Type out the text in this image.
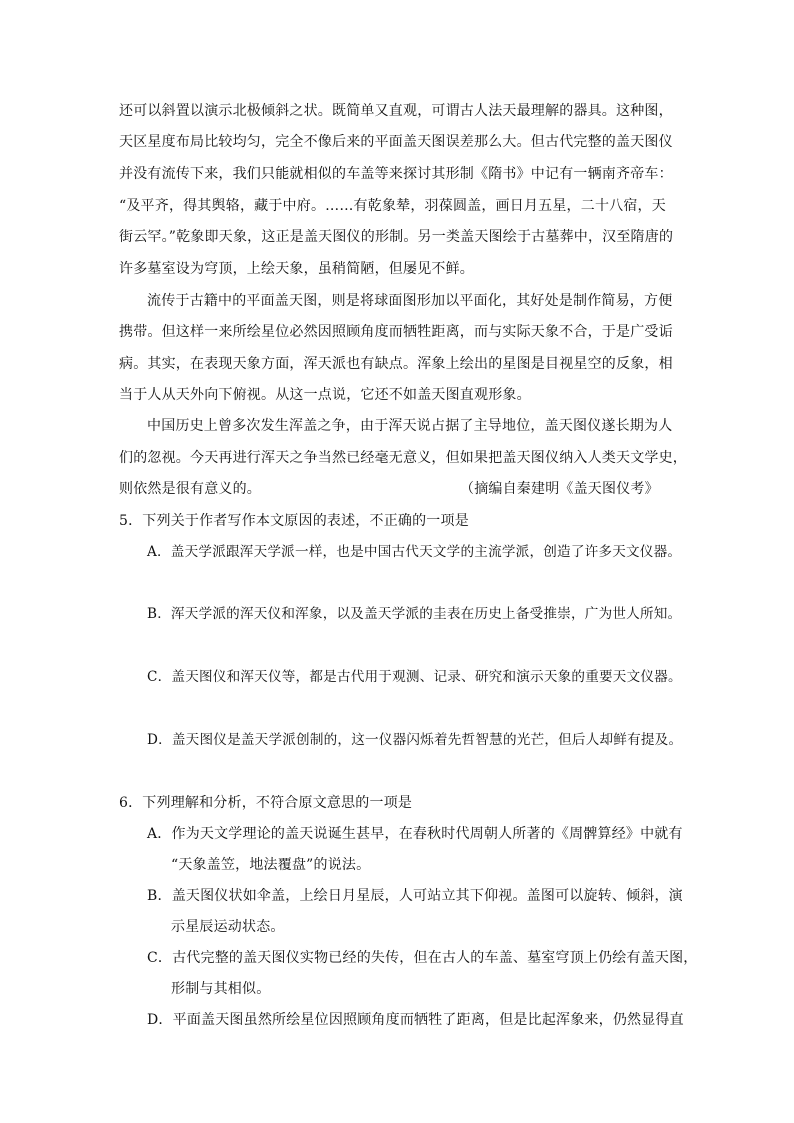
还可以斜置以演示北极倾斜之状。既简单又直观，可谓古人法天最理解的器具。这种图，
天区星度布局比较均匀，完全不像后来的平面盖天图误差那么大。但古代完整的盖天图仪
并没有流传下来，我们只能就相似的车盖等来探讨其形制《隋书》中记有一辆南齐帝车：
“及平齐，得其舆辂，藏于中府。……有乾象辇，羽葆圆盖，画日月五星，二十八宿，天
街云罕。”乾象即天象，这正是盖天图仪的形制。另一类盖天图绘于古墓葬中，汉至隋唐的
许多墓室设为穹顶，上绘天象，虽稍简陋，但屡见不鲜。
流传于古籍中的平面盖天图，则是将球面图形加以平面化，其好处是制作简易，方便
携带。但这样一来所绘星位必然因照顾角度而牺牲距离，而与实际天象不合，于是广受诟
病。其实，在表现天象方面，浑天派也有缺点。浑象上绘出的星图是目视星空的反象，相
当于人从天外向下俯视。从这一点说，它还不如盖天图直观形象。
中国历史上曾多次发生浑盖之争，由于浑天说占据了主导地位，盖天图仪遂长期为人
们的忽视。今天再进行浑天之争当然已经毫无意义，但如果把盖天图仪纳入人类天文学史，
则依然是很有意义的。	（摘编自秦建明《盖天图仪考》
5．下列关于作者写作本文原因的表述，不正确的一项是
A．盖天学派跟浑天学派一样，也是中国古代天文学的主流学派，创造了许多天文仪器。
B．浑天学派的浑天仪和浑象，以及盖天学派的圭表在历史上备受推崇，广为世人所知。
C．盖天图仪和浑天仪等，都是古代用于观测、记录、研究和演示天象的重要天文仪器。
D．盖天图仪是盖天学派创制的，这一仪器闪烁着先哲智慧的光芒，但后人却鲜有提及。
6．下列理解和分析，不符合原文意思的一项是
A．作为天文学理论的盖天说诞生甚早，在春秋时代周朝人所著的《周髀算经》中就有
“天象盖笠，地法覆盘”的说法。
B．盖天图仪状如伞盖，上绘日月星辰，人可站立其下仰视。盖图可以旋转、倾斜，演
示星辰运动状态。
C．古代完整的盖天图仪实物已经的失传，但在古人的车盖、墓室穹顶上仍绘有盖天图，
形制与其相似。
D．平面盖天图虽然所绘星位因照顾角度而牺牲了距离，但是比起浑象来，仍然显得直
